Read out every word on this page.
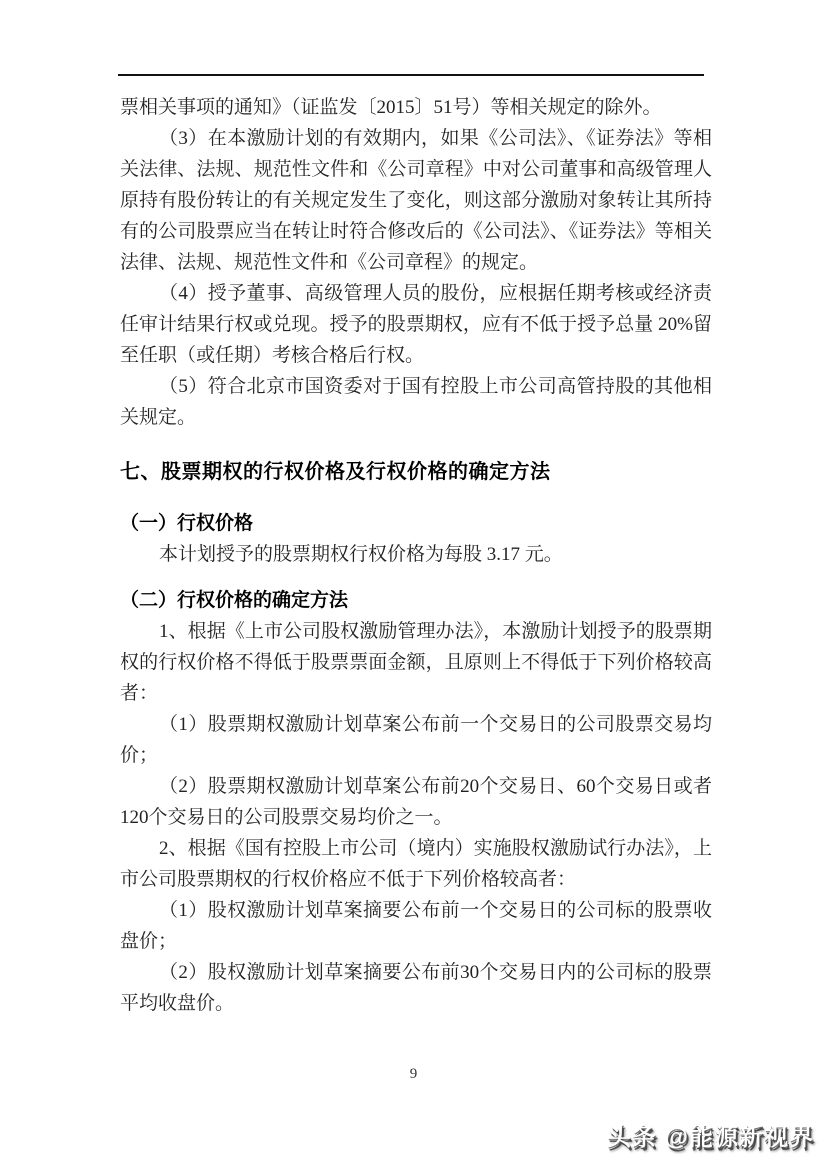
票相关事项的通知》（证监发〔2015〕51号）等相关规定的除外。

（3）在本激励计划的有效期内，如果《公司法》、《证券法》等相关法律、法规、规范性文件和《公司章程》中对公司董事和高级管理人原持有股份转让的有关规定发生了变化，则这部分激励对象转让其所持有的公司股票应当在转让时符合修改后的《公司法》、《证券法》等相关法律、法规、规范性文件和《公司章程》的规定。

（4）授予董事、高级管理人员的股份，应根据任期考核或经济责任审计结果行权或兑现。授予的股票期权，应有不低于授予总量 20%留至任职（或任期）考核合格后行权。

（5）符合北京市国资委对于国有控股上市公司高管持股的其他相关规定。

七、股票期权的行权价格及行权价格的确定方法
（一）行权价格

本计划授予的股票期权行权价格为每股 3.17 元。

（二）行权价格的确定方法

1、根据《上市公司股权激励管理办法》，本激励计划授予的股票期权的行权价格不得低于股票票面金额，且原则上不得低于下列价格较高者：

（1）股票期权激励计划草案公布前一个交易日的公司股票交易均价；

（2）股票期权激励计划草案公布前20个交易日、60个交易日或者120个交易日的公司股票交易均价之一。

2、根据《国有控股上市公司（境内）实施股权激励试行办法》，上市公司股票期权的行权价格应不低于下列价格较高者：

（1）股权激励计划草案摘要公布前一个交易日的公司标的股票收盘价；

（2）股权激励计划草案摘要公布前30个交易日内的公司标的股票平均收盘价。

9
头条 @能源新视界
